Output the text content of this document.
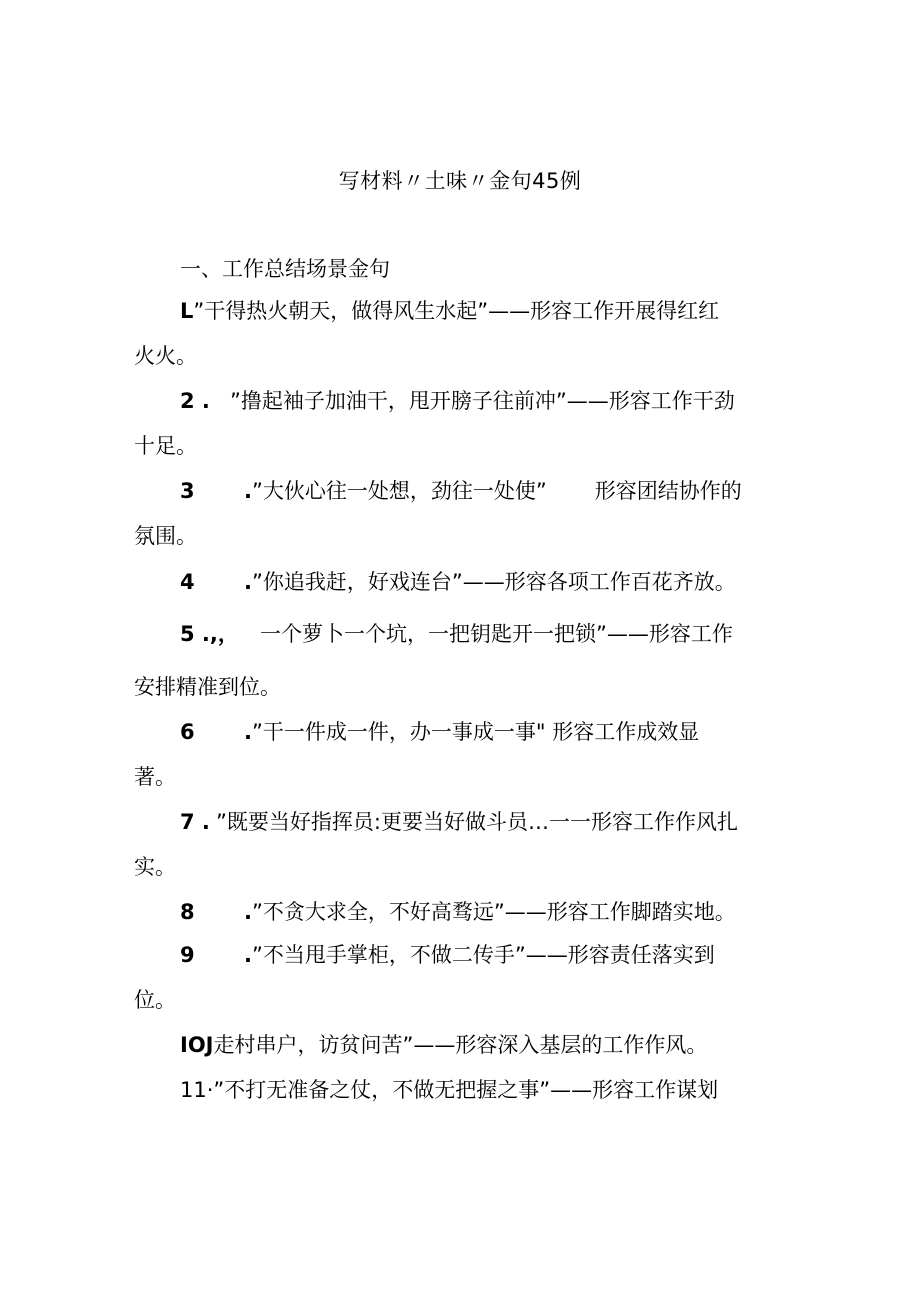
写材料〃土味〃金句45例
一、工作总结场景金句
L”干得热火朝天，做得风生水起”——形容工作开展得红红
火火。
2 . ”撸起袖子加油干，甩开膀子往前冲”——形容工作干劲
十足。
3 .”大伙心往一处想，劲往一处使” 形容团结协作的
氛围。
4 .”你追我赶，好戏连台”——形容各项工作百花齐放。
5 .,， 一个萝卜一个坑，一把钥匙开一把锁”——形容工作
安排精准到位。
6 .”干一件成一件，办一事成一事" 形容工作成效显
著。
7 . ”既要当好指挥员:更要当好做斗员…一一形容工作作风扎
实。
8 .”不贪大求全，不好高骛远”——形容工作脚踏实地。
9 .”不当甩手掌柜，不做二传手”——形容责任落实到
位。
IOJ走村串户，访贫问苦”——形容深入基层的工作作风。
11·”不打无准备之仗，不做无把握之事”——形容工作谋划
